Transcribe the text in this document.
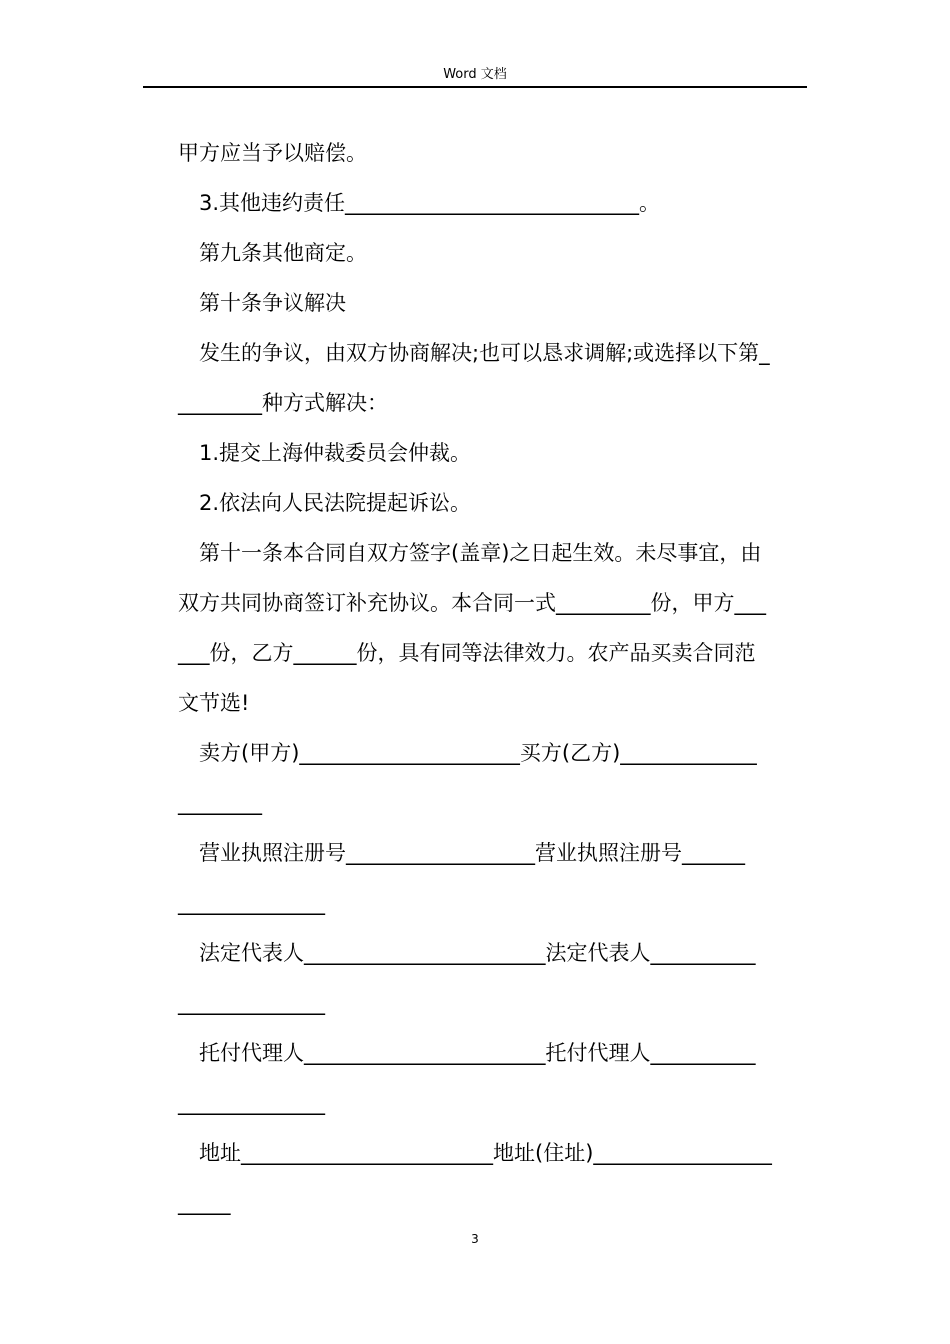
Word 文档
甲方应当予以赔偿。
3.其他违约责任____________________________。
第九条其他商定。
第十条争议解决
发生的争议，由双方协商解决;也可以恳求调解;或选择以下第_
________种方式解决：
1.提交上海仲裁委员会仲裁。
2.依法向人民法院提起诉讼。
第十一条本合同自双方签字(盖章)之日起生效。未尽事宜，由
双方共同协商签订补充协议。本合同一式_________份，甲方___
___份，乙方______份，具有同等法律效力。农产品买卖合同范
文节选!
卖方(甲方)_____________________买方(乙方)_____________
________
营业执照注册号__________________营业执照注册号______
______________
法定代表人_______________________法定代表人__________
______________
托付代理人_______________________托付代理人__________
______________
地址________________________地址(住址)_________________
_____
3
